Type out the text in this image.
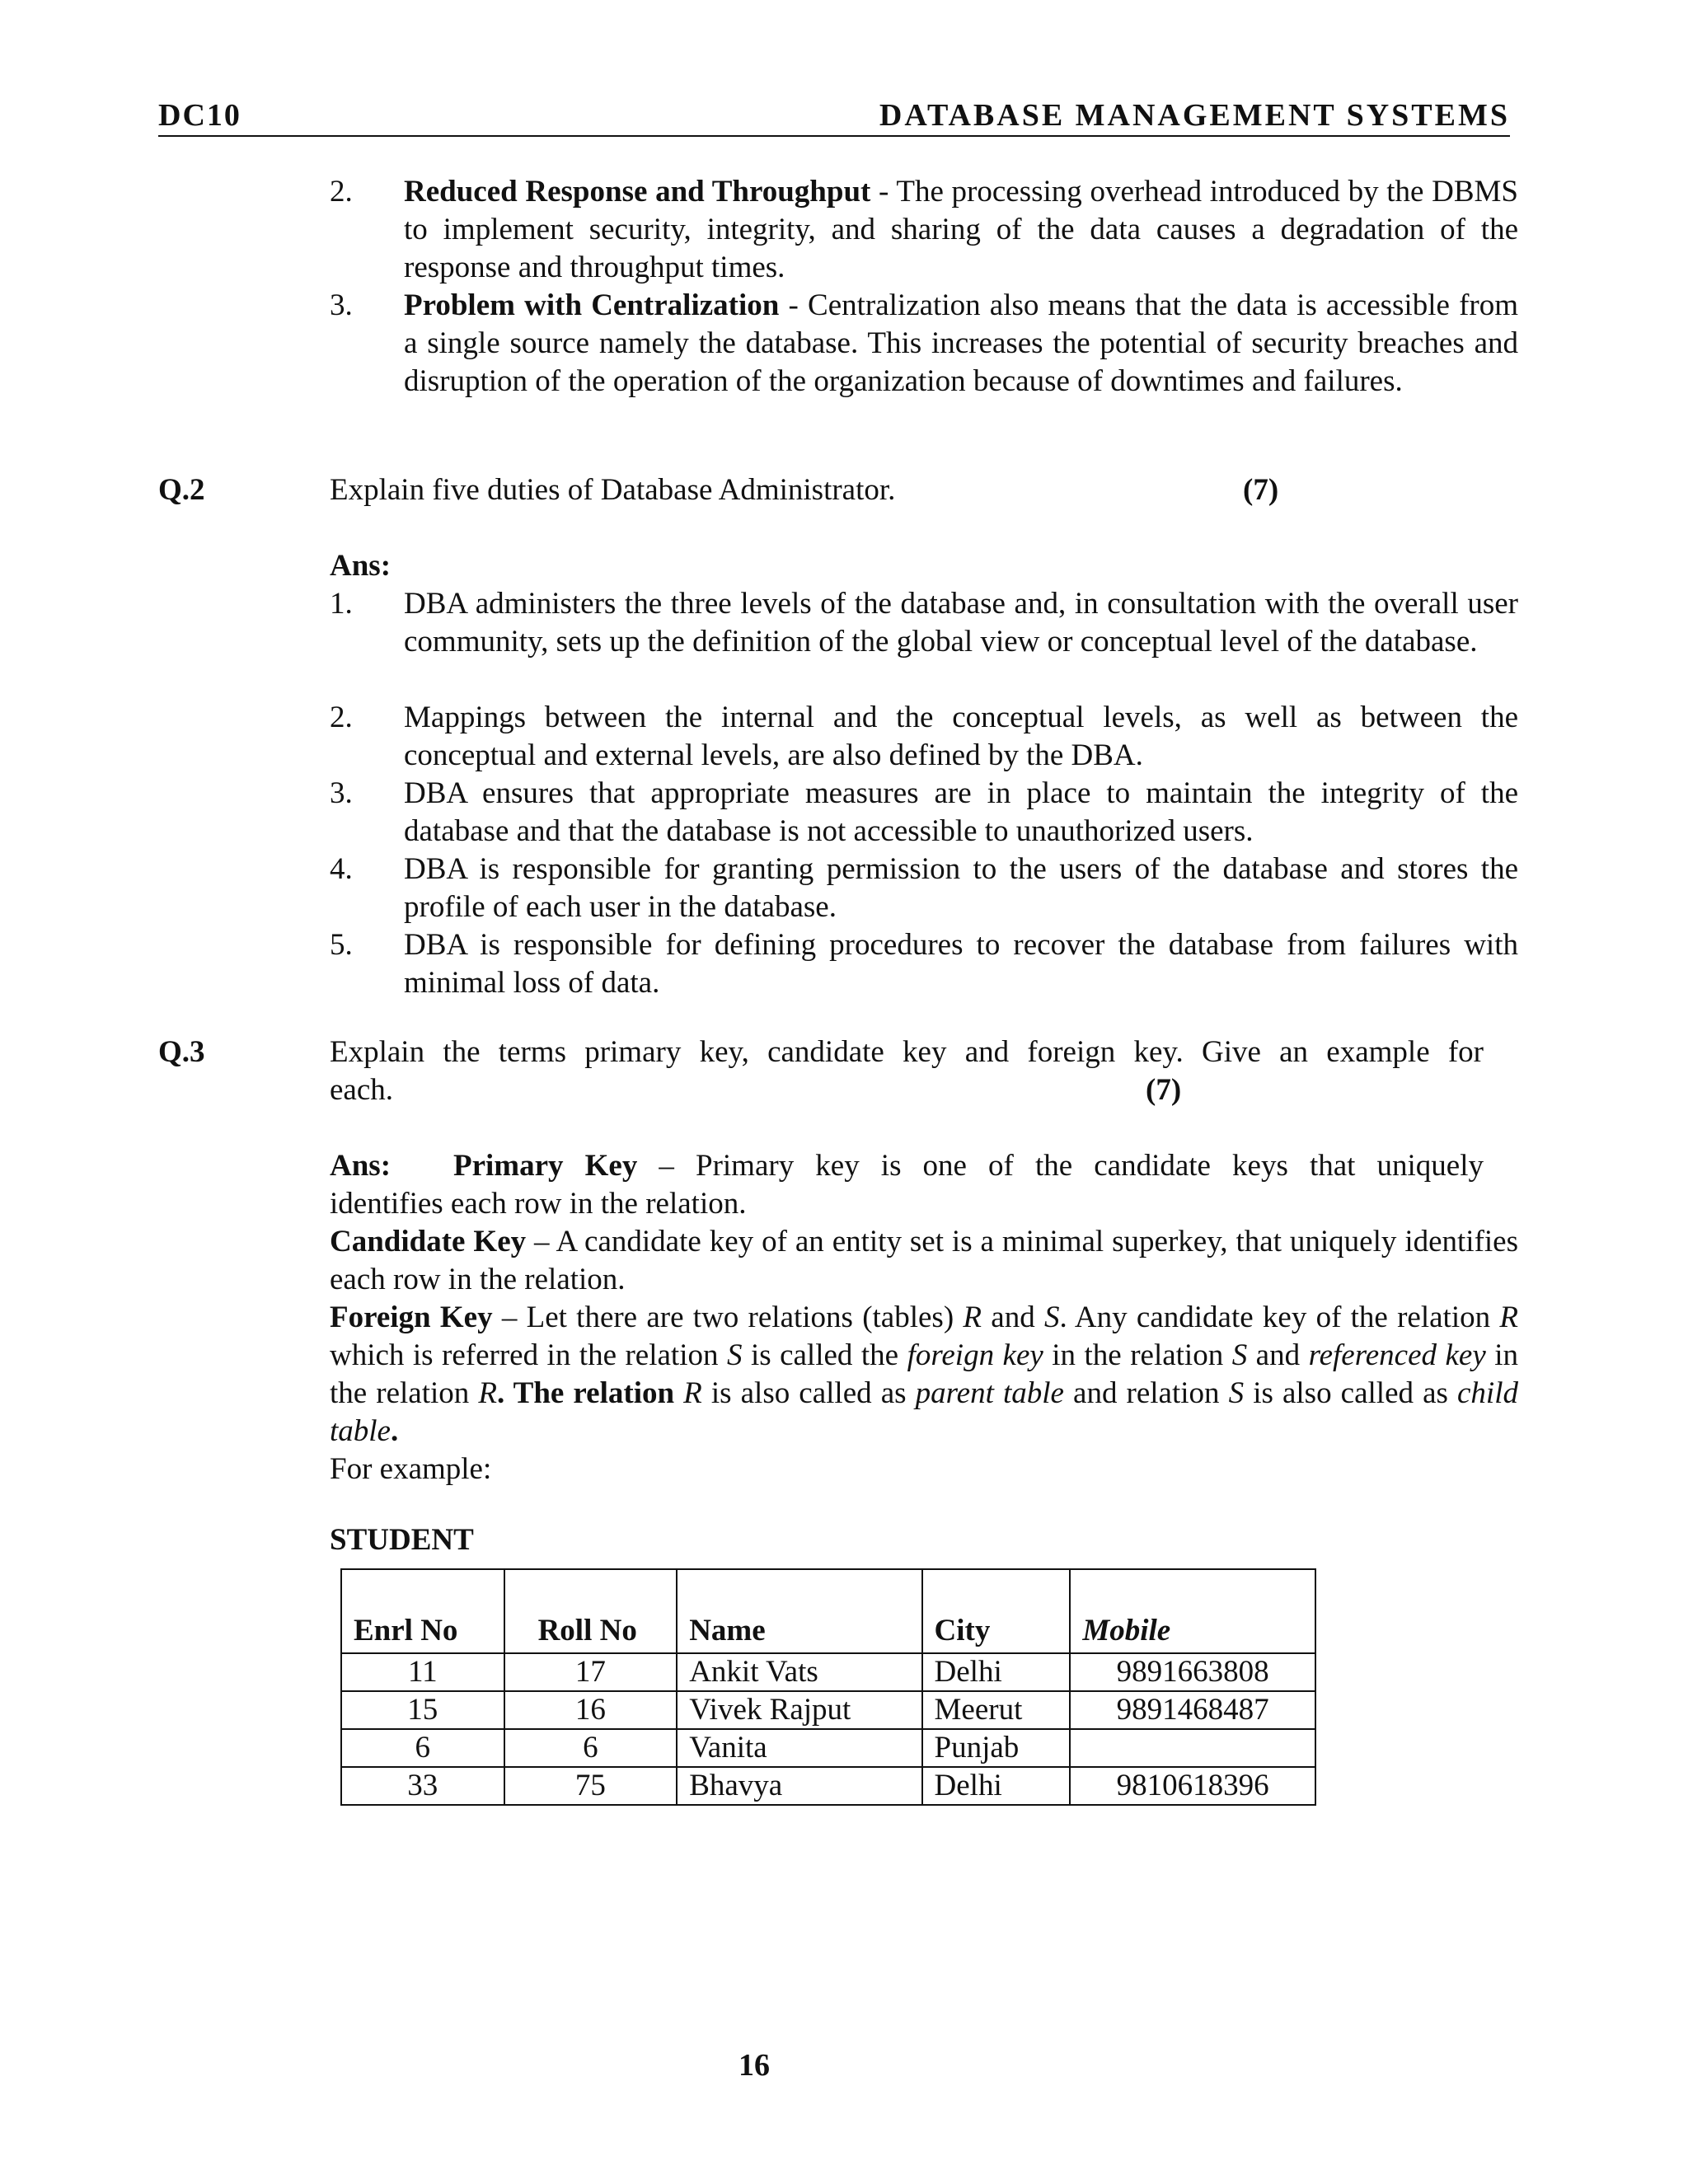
DC10	DATABASE MANAGEMENT SYSTEMS
2. Reduced Response and Throughput - The processing overhead introduced by the DBMS to implement security, integrity, and sharing of the data causes a degradation of the response and throughput times.
3. Problem with Centralization - Centralization also means that the data is accessible from a single source namely the database. This increases the potential of security breaches and disruption of the operation of the organization because of downtimes and failures.
Q.2	Explain five duties of Database Administrator.	(7)
Ans:
1. DBA administers the three levels of the database and, in consultation with the overall user community, sets up the definition of the global view or conceptual level of the database.
2. Mappings between the internal and the conceptual levels, as well as between the conceptual and external levels, are also defined by the DBA.
3. DBA ensures that appropriate measures are in place to maintain the integrity of the database and that the database is not accessible to unauthorized users.
4. DBA is responsible for granting permission to the users of the database and stores the profile of each user in the database.
5. DBA is responsible for defining procedures to recover the database from failures with minimal loss of data.
Q.3	Explain the terms primary key, candidate key and foreign key. Give an example for
each.	(7)
Ans: Primary Key – Primary key is one of the candidate keys that uniquely
identifies each row in the relation.
Candidate Key – A candidate key of an entity set is a minimal superkey, that uniquely identifies each row in the relation.
Foreign Key – Let there are two relations (tables) R and S. Any candidate key of the relation R which is referred in the relation S is called the foreign key in the relation S and referenced key in the relation R. The relation R is also called as parent table and relation S is also called as child table.
For example:
STUDENT
Enrl No	Roll No	Name	City	Mobile
11	17	Ankit Vats	Delhi	9891663808
15	16	Vivek Rajput	Meerut	9891468487
6	6	Vanita	Punjab	
33	75	Bhavya	Delhi	9810618396
16
